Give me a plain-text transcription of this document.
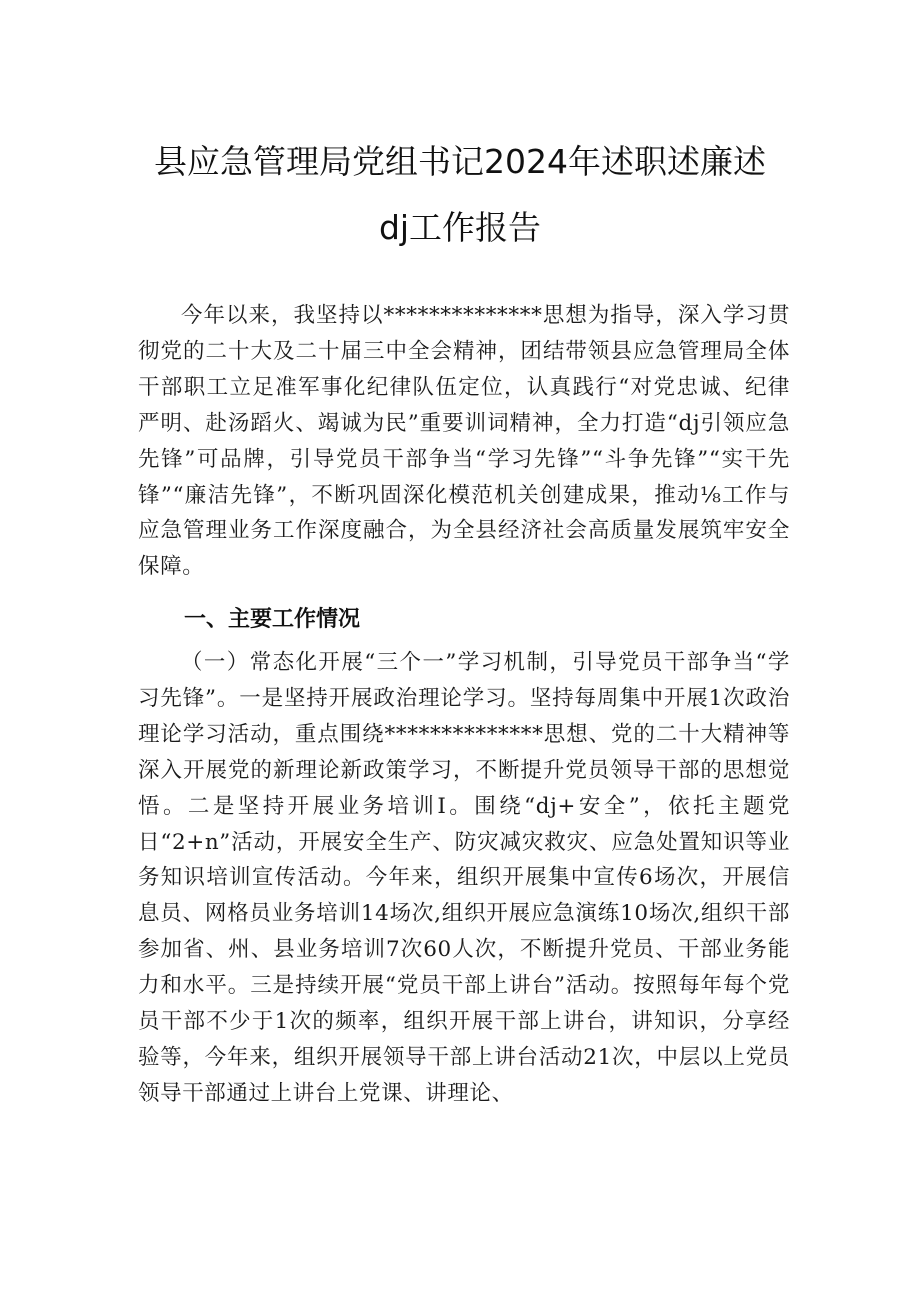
县应急管理局党组书记2024年述职述廉述
dj工作报告

今年以来，我坚持以**************思想为指导，深入学习贯彻党的二十大及二十届三中全会精神，团结带领县应急管理局全体干部职工立足准军事化纪律队伍定位，认真践行“对党忠诚、纪律严明、赴汤蹈火、竭诚为民”重要训词精神，全力打造“dj引领应急先锋”可品牌，引导党员干部争当“学习先锋”“斗争先锋”“实干先锋”“廉洁先锋”，不断巩固深化模范机关创建成果，推动⅛工作与应急管理业务工作深度融合，为全县经济社会高质量发展筑牢安全保障。

一、主要工作情况

（一）常态化开展“三个一”学习机制，引导党员干部争当“学习先锋”。一是坚持开展政治理论学习。坚持每周集中开展1次政治理论学习活动，重点围绕**************思想、党的二十大精神等深入开展党的新理论新政策学习，不断提升党员领导干部的思想觉悟。二是坚持开展业务培训I。围绕“dj+安全”，依托主题党日“2+n”活动，开展安全生产、防灾减灾救灾、应急处置知识等业务知识培训宣传活动。今年来，组织开展集中宣传6场次，开展信息员、网格员业务培训14场次,组织开展应急演练10场次,组织干部参加省、州、县业务培训7次60人次，不断提升党员、干部业务能力和水平。三是持续开展“党员干部上讲台”活动。按照每年每个党员干部不少于1次的频率，组织开展干部上讲台，讲知识，分享经验等，今年来，组织开展领导干部上讲台活动21次，中层以上党员领导干部通过上讲台上党课、讲理论、
